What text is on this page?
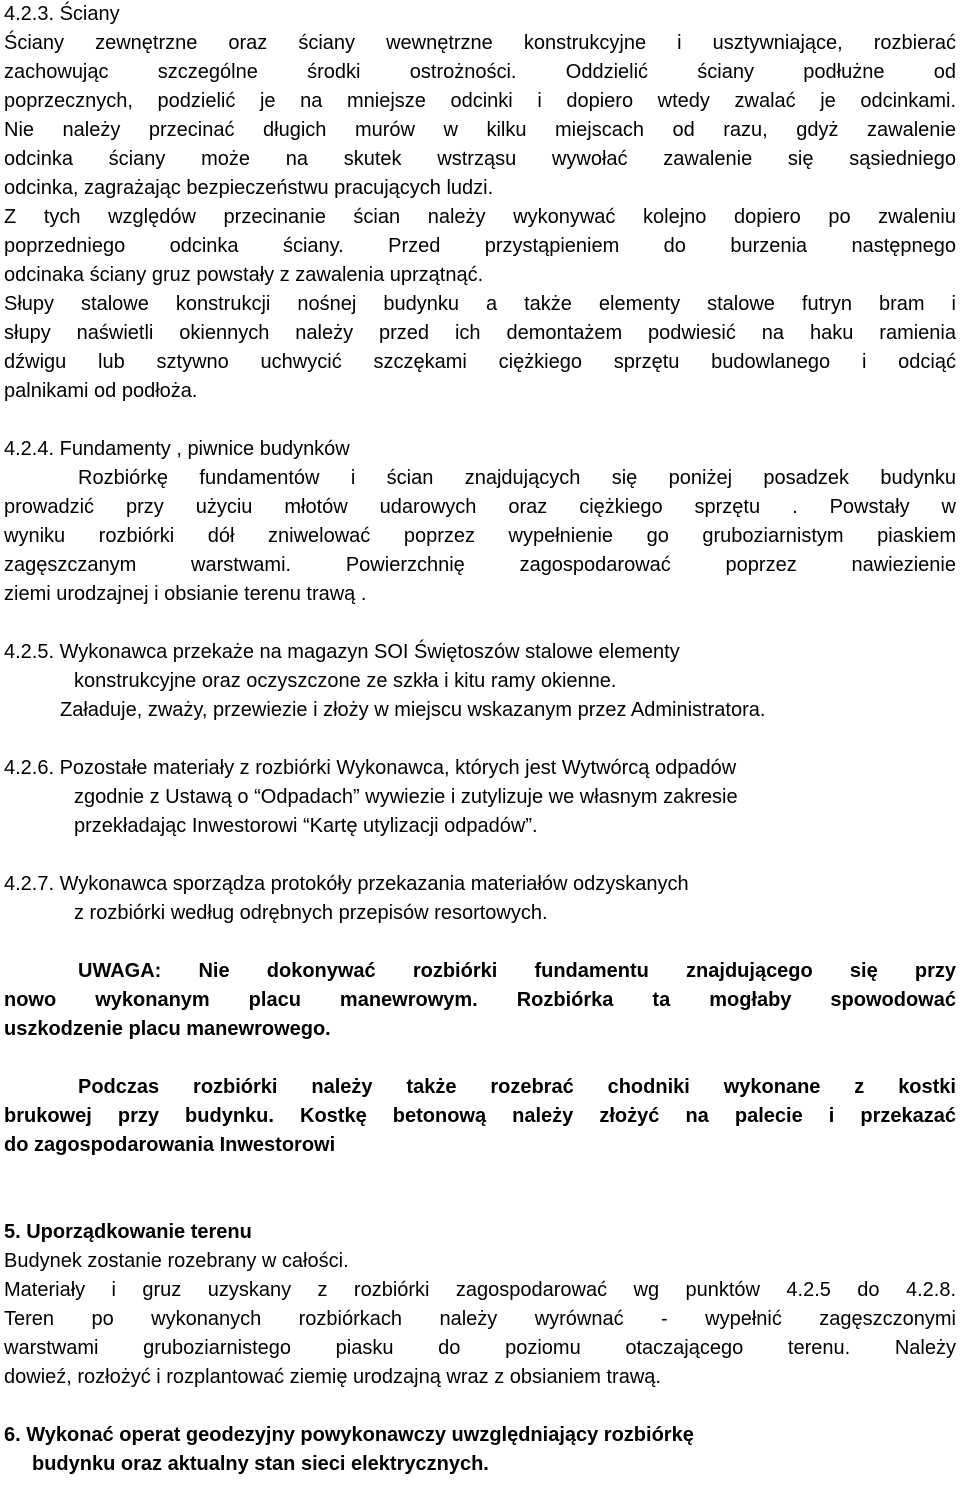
4.2.3. Ściany
Ściany zewnętrzne oraz ściany wewnętrzne konstrukcyjne i usztywniające, rozbierać
zachowując szczególne środki ostrożności. Oddzielić ściany podłużne od
poprzecznych, podzielić je na mniejsze odcinki i dopiero wtedy zwalać je odcinkami.
Nie należy przecinać długich murów w kilku miejscach od razu, gdyż zawalenie
odcinka ściany może na skutek wstrząsu wywołać zawalenie się sąsiedniego
odcinka, zagrażając bezpieczeństwu pracujących ludzi.
Z tych względów przecinanie ścian należy wykonywać kolejno dopiero po zwaleniu
poprzedniego odcinka ściany. Przed przystąpieniem do burzenia następnego
odcinaka ściany gruz powstały z zawalenia uprzątnąć.
Słupy stalowe konstrukcji nośnej budynku a także elementy stalowe futryn bram i
słupy naświetli okiennych należy przed ich demontażem podwiesić na haku ramienia
dźwigu lub sztywno uchwycić szczękami ciężkiego sprzętu budowlanego i odciąć
palnikami od podłoża.
4.2.4. Fundamenty , piwnice budynków
Rozbiórkę fundamentów i ścian znajdujących się poniżej posadzek budynku
prowadzić przy użyciu młotów udarowych oraz ciężkiego sprzętu . Powstały w
wyniku rozbiórki dół zniwelować poprzez wypełnienie go gruboziarnistym piaskiem
zagęszczanym warstwami. Powierzchnię zagospodarować poprzez nawiezienie
ziemi urodzajnej i obsianie terenu trawą .
4.2.5. Wykonawca przekaże na magazyn SOI Świętoszów stalowe elementy
konstrukcyjne oraz oczyszczone ze szkła i kitu ramy okienne.
Załaduje, zważy, przewiezie i złoży w miejscu wskazanym przez Administratora.
4.2.6. Pozostałe materiały z rozbiórki Wykonawca, których jest Wytwórcą odpadów
zgodnie z Ustawą o “Odpadach” wywiezie i zutylizuje we własnym zakresie
przekładając Inwestorowi “Kartę utylizacji odpadów”.
4.2.7. Wykonawca sporządza protokóły przekazania materiałów odzyskanych
z rozbiórki według odrębnych przepisów resortowych.
UWAGA: Nie dokonywać rozbiórki fundamentu znajdującego się przy
nowo wykonanym placu manewrowym. Rozbiórka ta mogłaby spowodować
uszkodzenie placu manewrowego.
Podczas rozbiórki należy także rozebrać chodniki wykonane z kostki
brukowej przy budynku. Kostkę betonową należy złożyć na palecie i przekazać
do zagospodarowania Inwestorowi
5. Uporządkowanie terenu
Budynek zostanie rozebrany w całości.
Materiały i gruz uzyskany z rozbiórki zagospodarować wg punktów 4.2.5 do 4.2.8.
Teren po wykonanych rozbiórkach należy wyrównać - wypełnić zagęszczonymi
warstwami gruboziarnistego piasku do poziomu otaczającego terenu. Należy
dowieź, rozłożyć i rozplantować ziemię urodzajną wraz z obsianiem trawą.
6. Wykonać operat geodezyjny powykonawczy uwzględniający rozbiórkę
budynku oraz aktualny stan sieci elektrycznych.
